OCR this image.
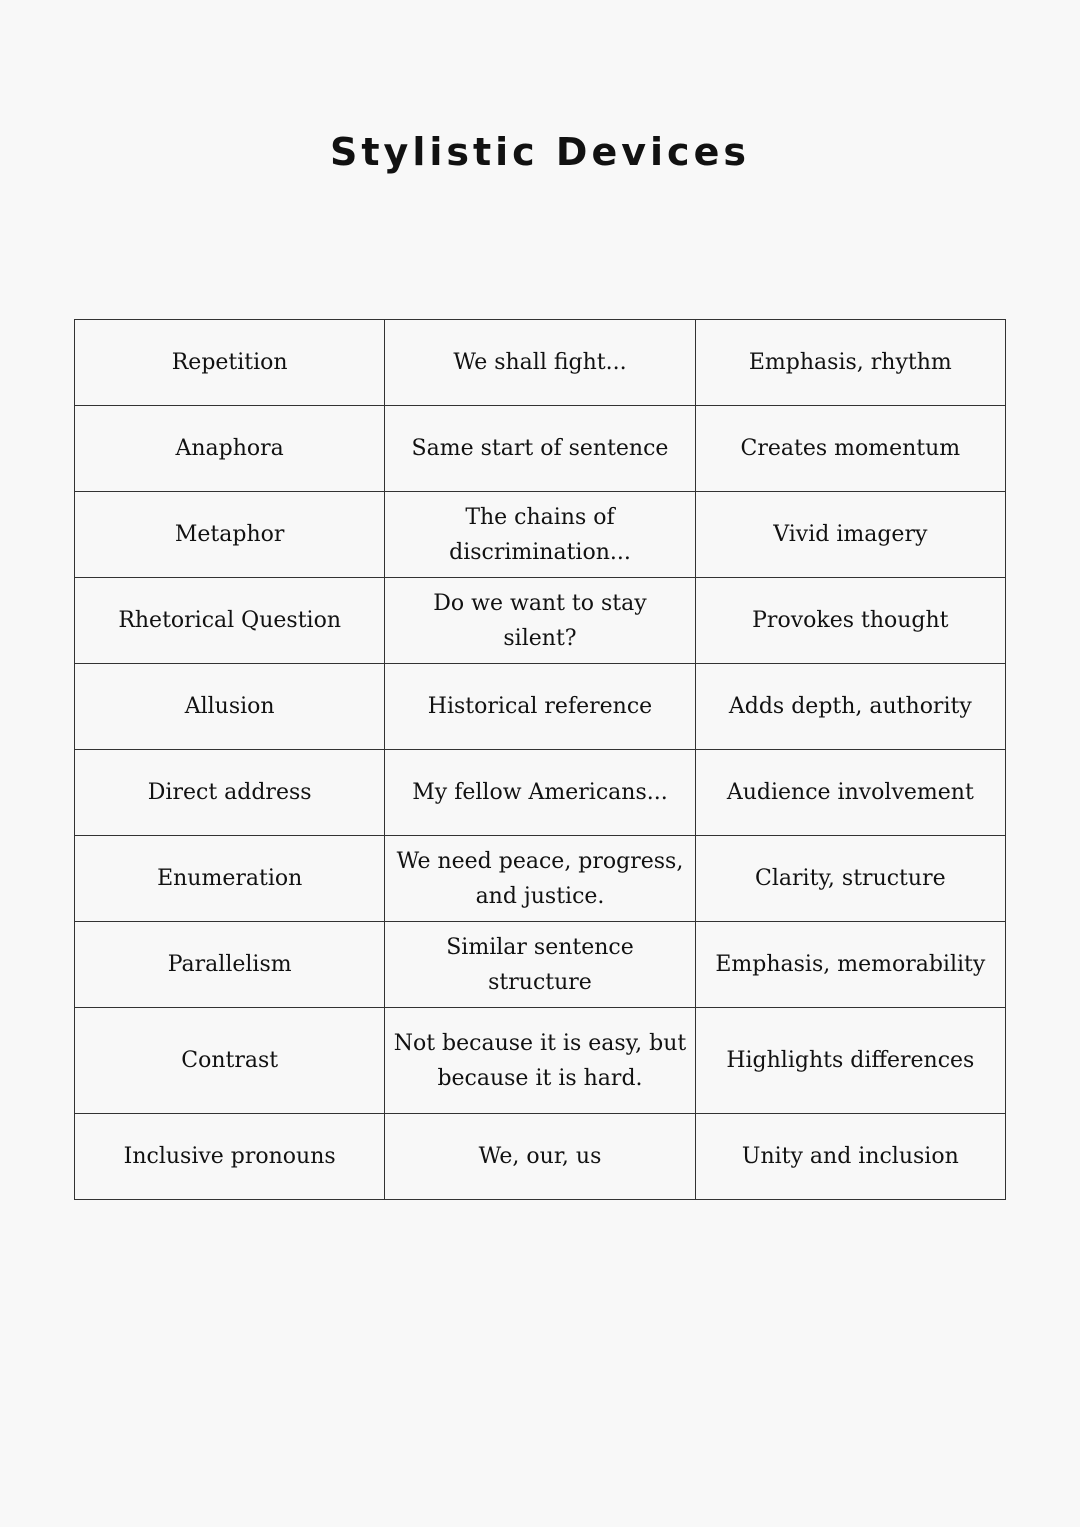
Stylistic Devices
Repetition	We shall fight...	Emphasis, rhythm
Anaphora	Same start of sentence	Creates momentum
Metaphor	The chains of discrimination...	Vivid imagery
Rhetorical Question	Do we want to stay silent?	Provokes thought
Allusion	Historical reference	Adds depth, authority
Direct address	My fellow Americans...	Audience involvement
Enumeration	We need peace, progress, and justice.	Clarity, structure
Parallelism	Similar sentence structure	Emphasis, memorability
Contrast	Not because it is easy, but because it is hard.	Highlights differences
Inclusive pronouns	We, our, us	Unity and inclusion
